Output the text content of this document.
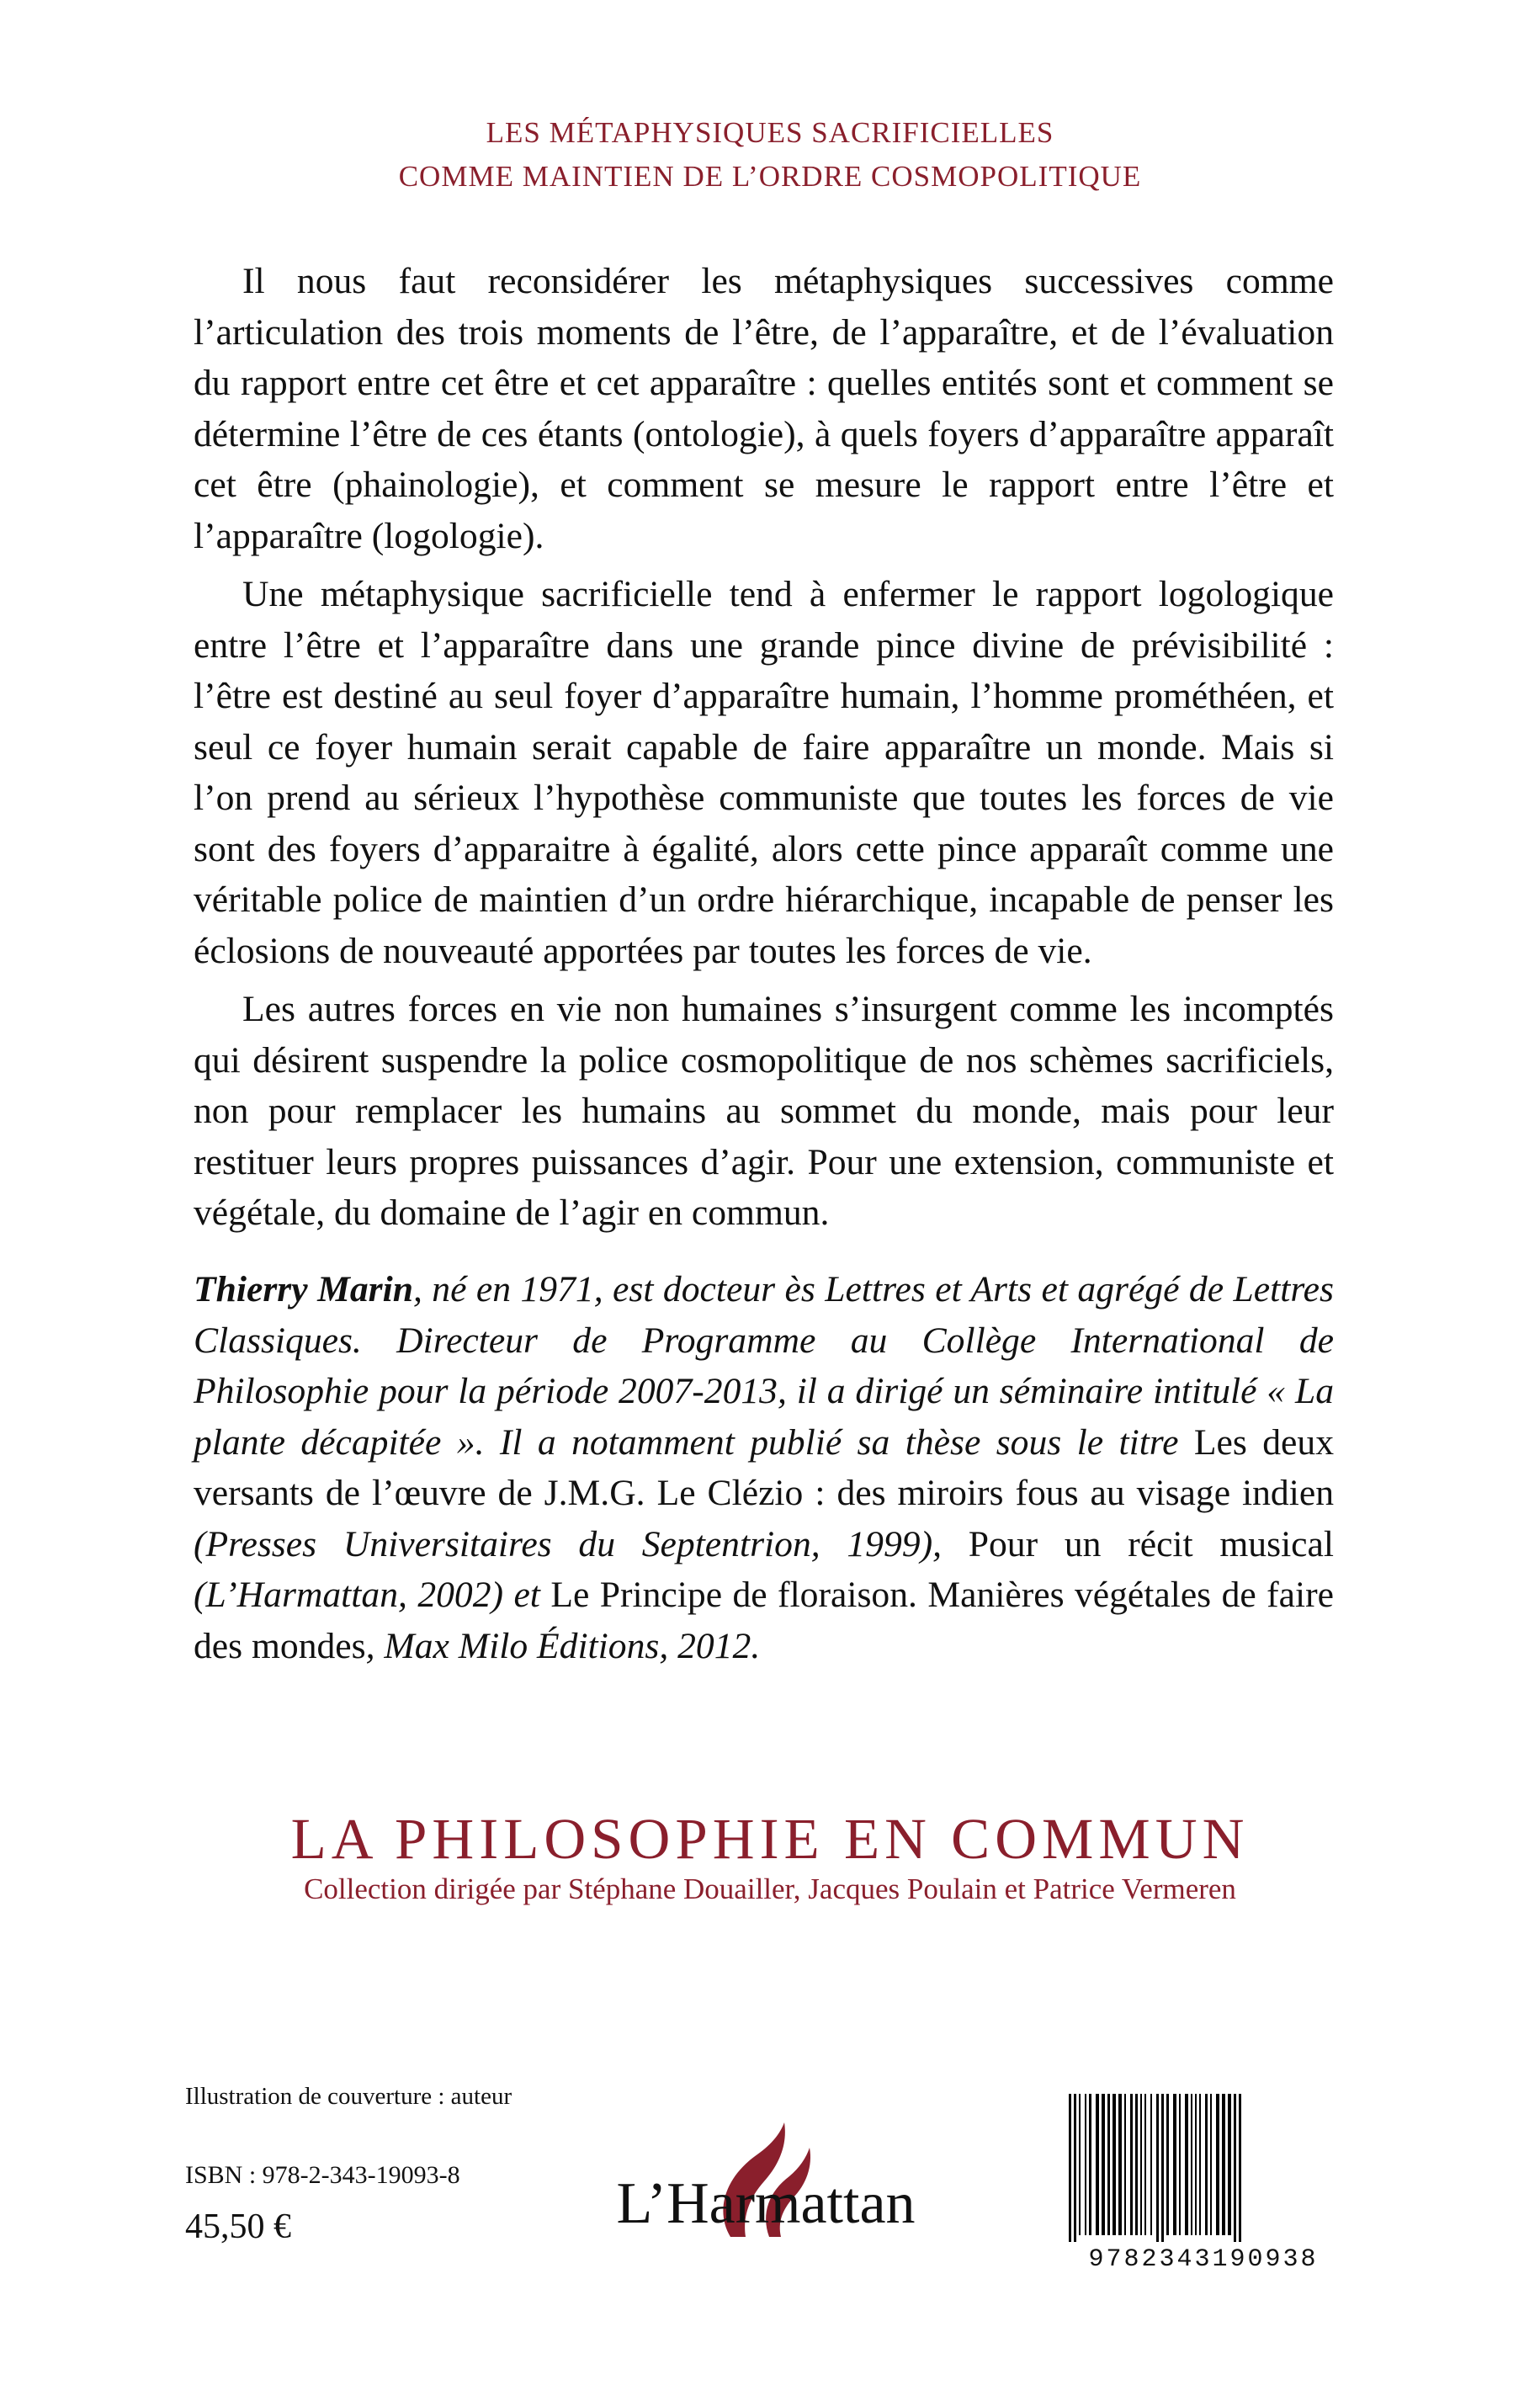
LES MÉTAPHYSIQUES SACRIFICIELLES
COMME MAINTIEN DE L’ORDRE COSMOPOLITIQUE

Il nous faut reconsidérer les métaphysiques successives comme l’articulation des trois moments de l’être, de l’apparaître, et de l’évaluation du rapport entre cet être et cet apparaître : quelles entités sont et comment se détermine l’être de ces étants (ontologie), à quels foyers d’apparaître apparaît cet être (phainologie), et comment se mesure le rapport entre l’être et l’apparaître (logologie).

Une métaphysique sacrificielle tend à enfermer le rapport logologique entre l’être et l’apparaître dans une grande pince divine de prévisibilité : l’être est destiné au seul foyer d’apparaître humain, l’homme prométhéen, et seul ce foyer humain serait capable de faire apparaître un monde. Mais si l’on prend au sérieux l’hypothèse communiste que toutes les forces de vie sont des foyers d’apparaitre à égalité, alors cette pince apparaît comme une véritable police de maintien d’un ordre hiérarchique, incapable de penser les éclosions de nouveauté apportées par toutes les forces de vie.

Les autres forces en vie non humaines s’insurgent comme les incomptés qui désirent suspendre la police cosmopolitique de nos schèmes sacrificiels, non pour remplacer les humains au sommet du monde, mais pour leur restituer leurs propres puissances d’agir. Pour une extension, communiste et végétale, du domaine de l’agir en commun.

Thierry Marin, né en 1971, est docteur ès Lettres et Arts et agrégé de Lettres Classiques. Directeur de Programme au Collège International de Philosophie pour la période 2007-2013, il a dirigé un séminaire intitulé « La plante décapitée ». Il a notamment publié sa thèse sous le titre Les deux versants de l’œuvre de J.M.G. Le Clézio : des miroirs fous au visage indien (Presses Universitaires du Septentrion, 1999), Pour un récit musical (L’Harmattan, 2002) et Le Principe de floraison. Manières végétales de faire des mondes, Max Milo Éditions, 2012.

LA PHILOSOPHIE EN COMMUN
Collection dirigée par Stéphane Douailler, Jacques Poulain et Patrice Vermeren
Illustration de couverture : auteur
ISBN : 978-2-343-19093-8
45,50 €	L’Harmattan
9782343190938
